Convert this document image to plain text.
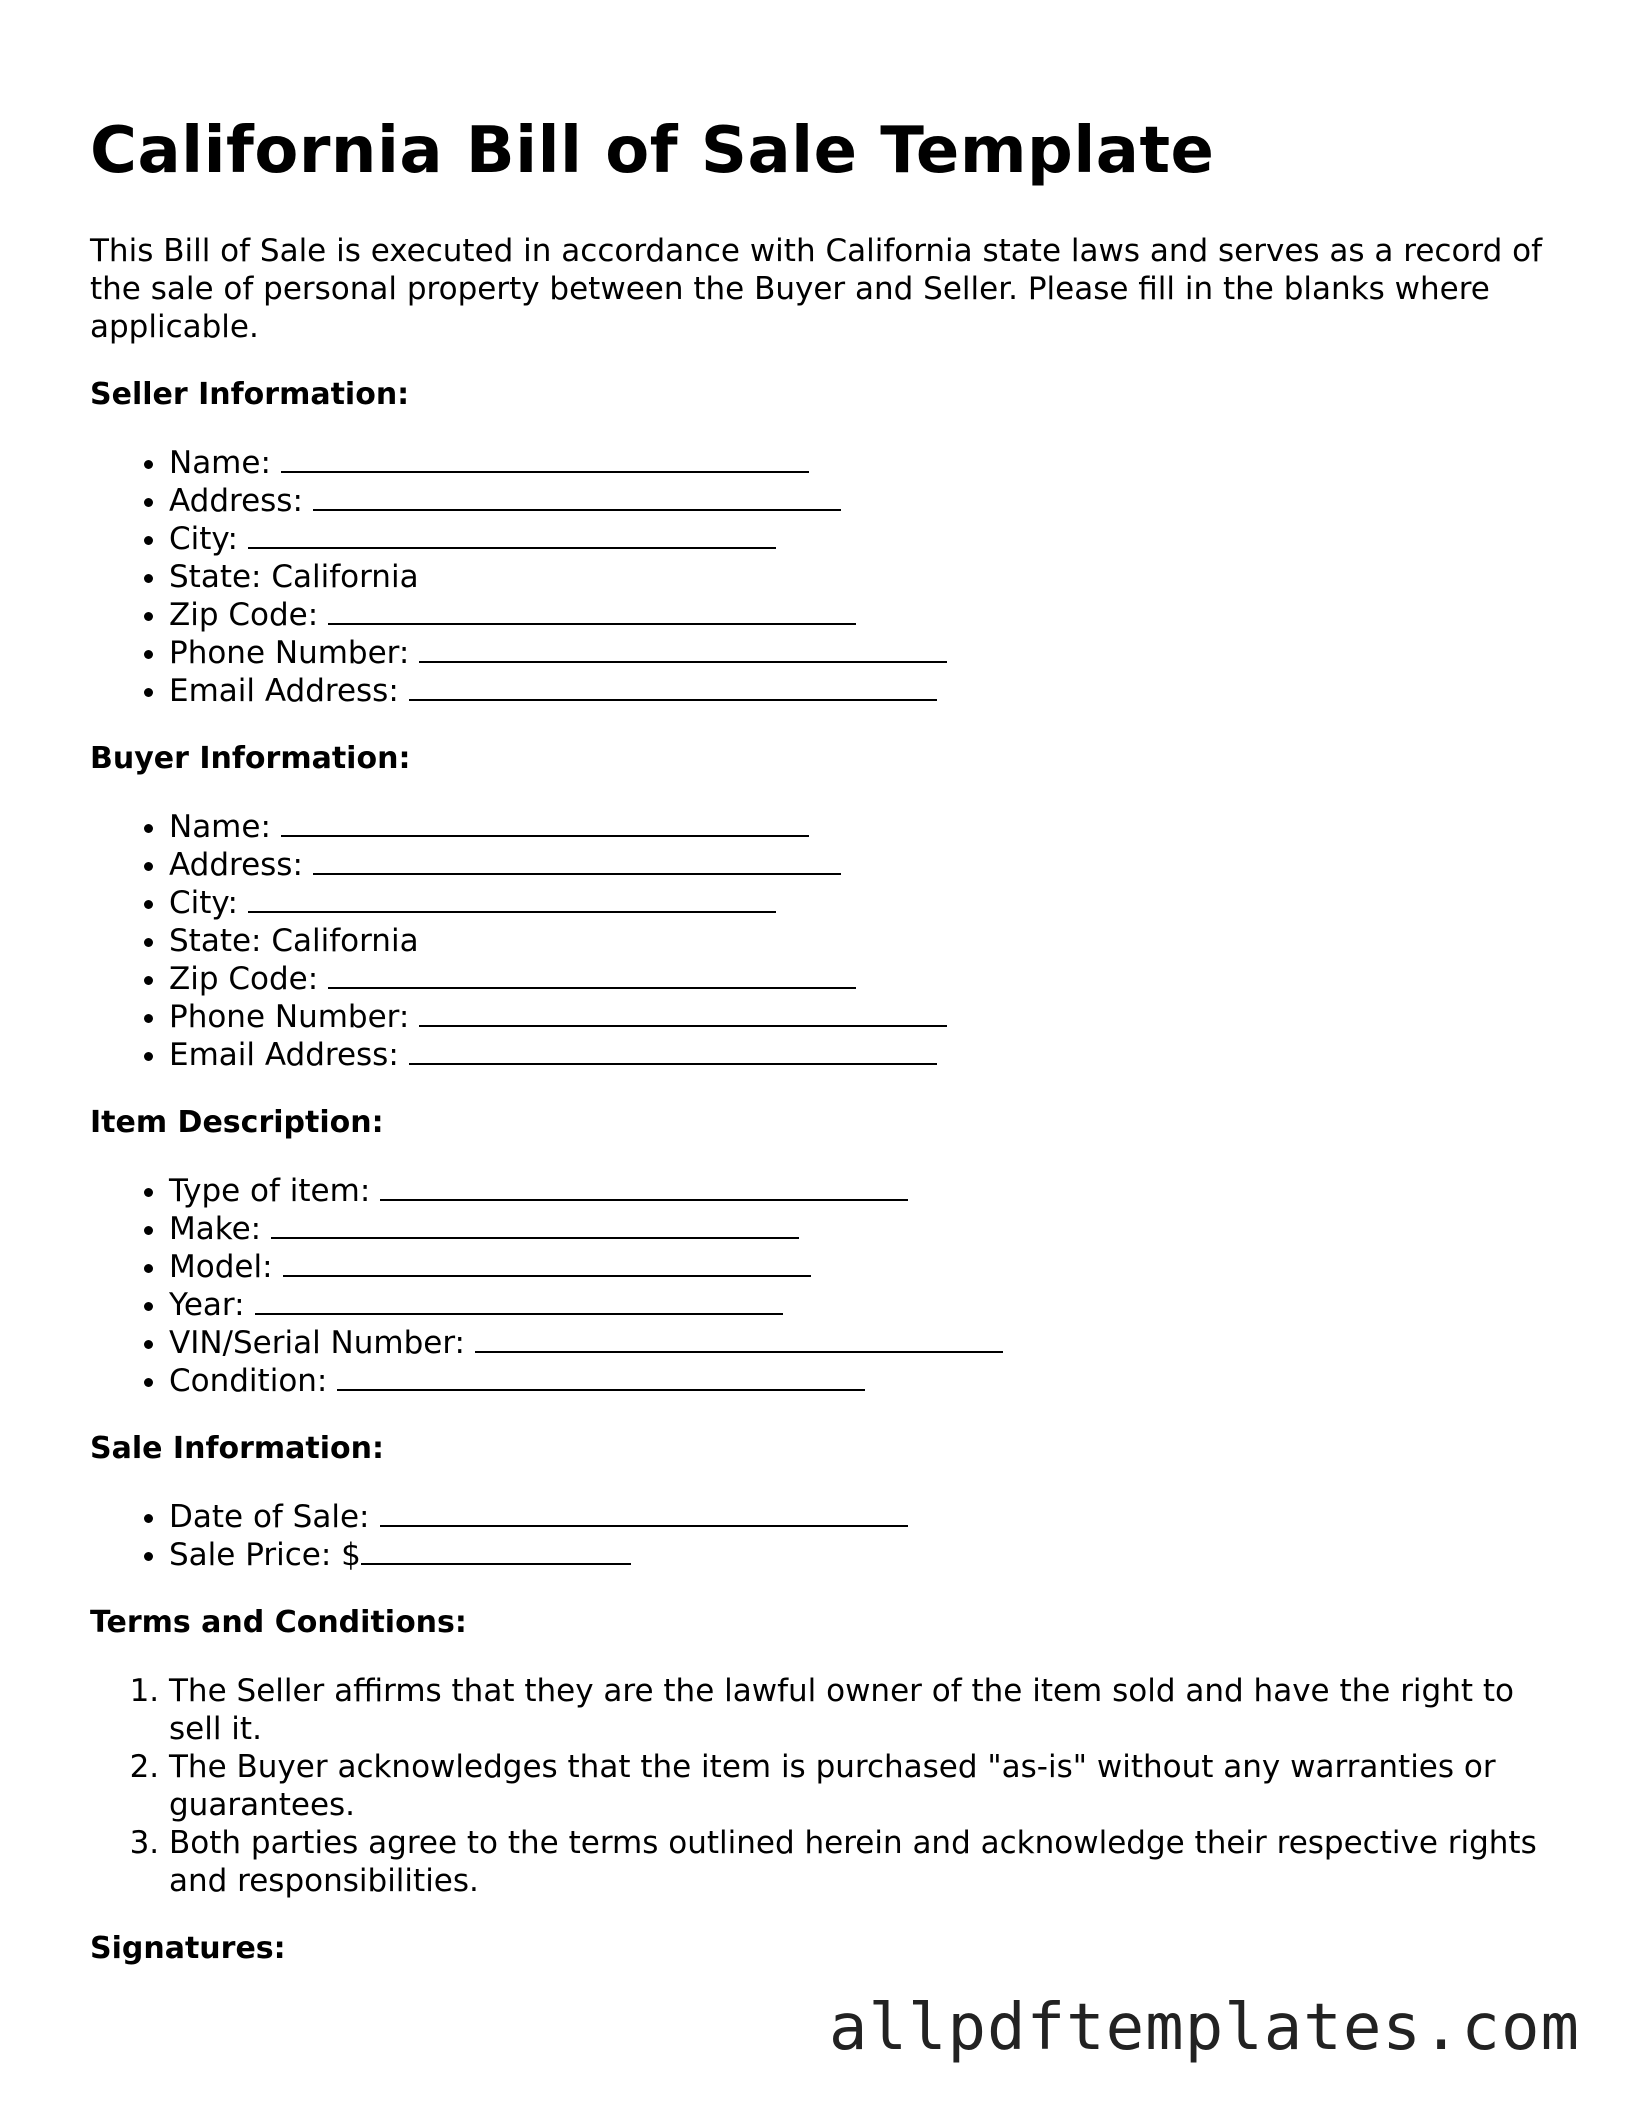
California Bill of Sale Template

This Bill of Sale is executed in accordance with California state laws and serves as a record of the sale of personal property between the Buyer and Seller. Please fill in the blanks where applicable.

Seller Information:
• Name:
• Address:
• City:
• State: California
• Zip Code:
• Phone Number:
• Email Address:
Buyer Information:
• Name:
• Address:
• City:
• State: California
• Zip Code:
• Phone Number:
• Email Address:
Item Description:
• Type of item:
• Make:
• Model:
• Year:
• VIN/Serial Number:
• Condition:
Sale Information:
• Date of Sale:
• Sale Price: $
Terms and Conditions:
1. The Seller affirms that they are the lawful owner of the item sold and have the right to sell it.
2. The Buyer acknowledges that the item is purchased "as-is" without any warranties or guarantees.
3. Both parties agree to the terms outlined herein and acknowledge their respective rights and responsibilities.
Signatures:
allpdftemplates.com
